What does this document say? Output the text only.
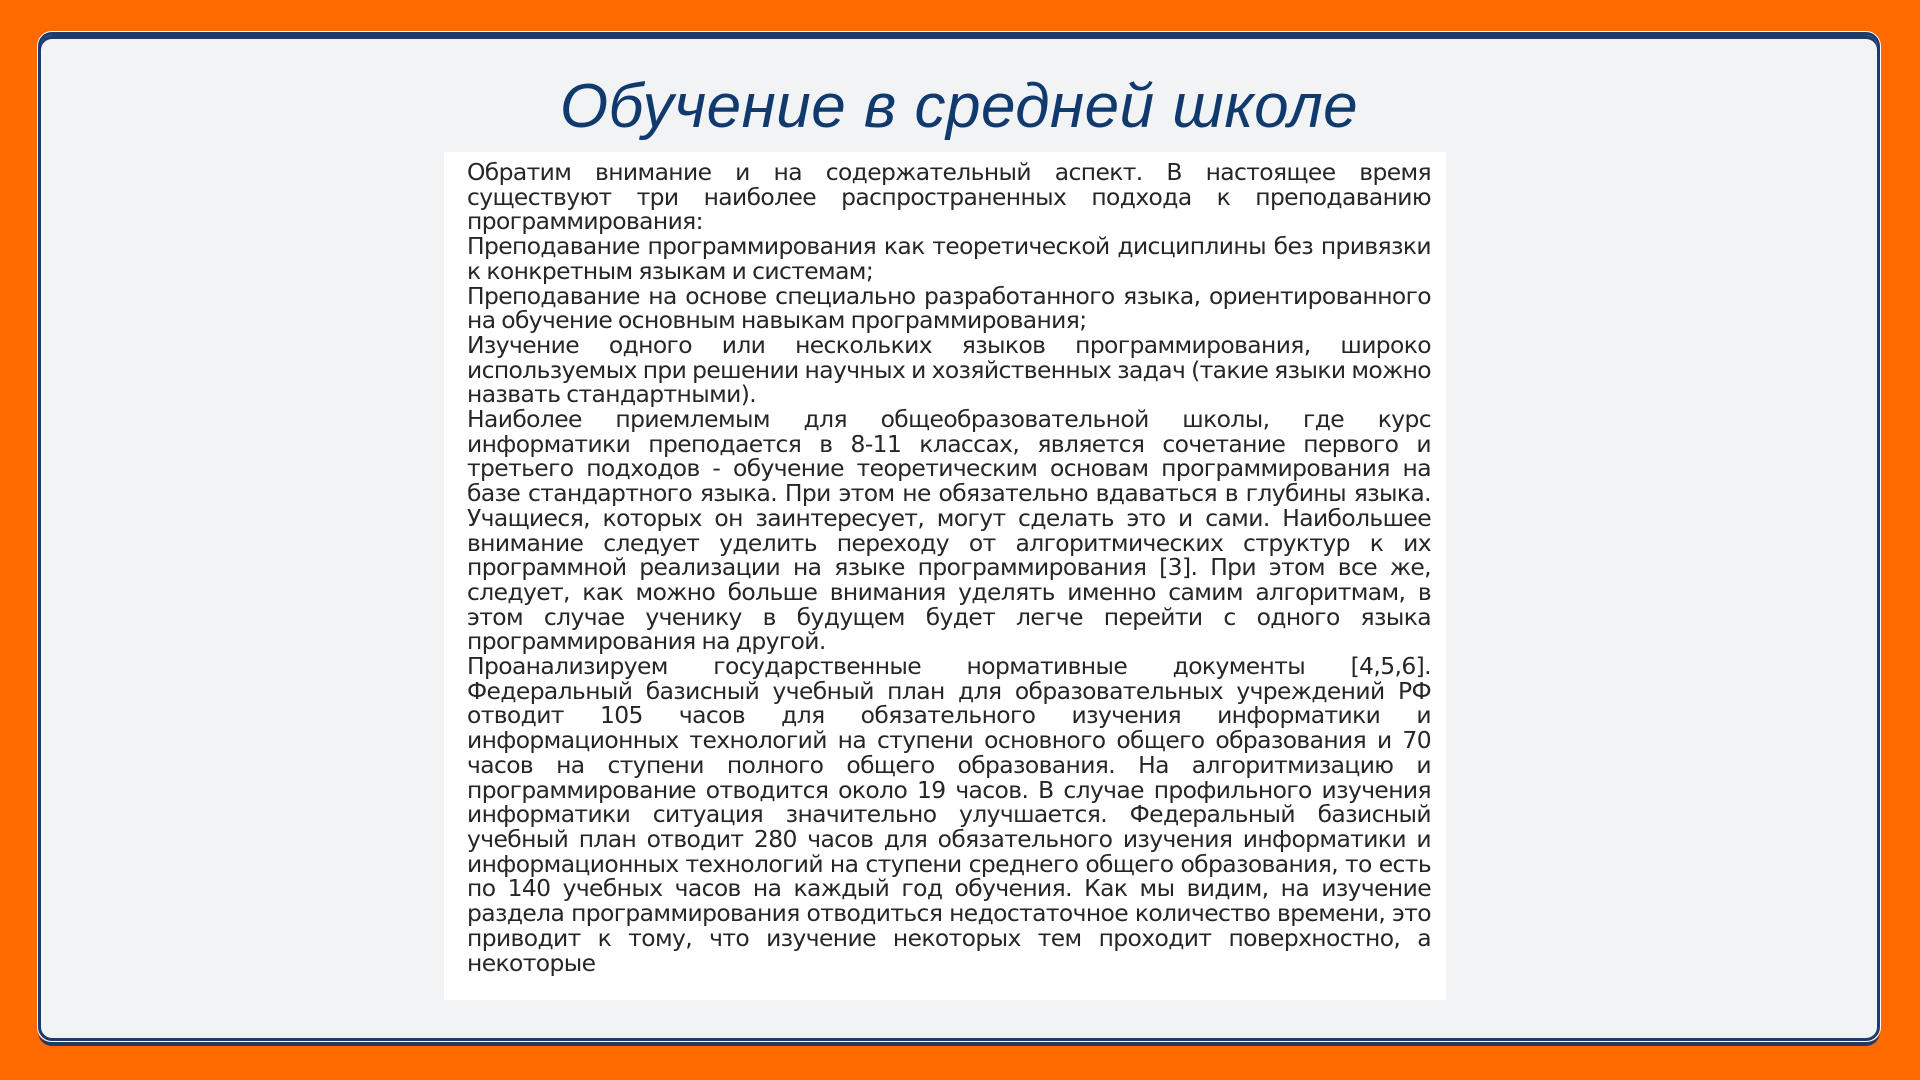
Обучение в средней школе

Обратим внимание и на содержательный аспект. В настоящее время существуют три наиболее распространенных подхода к преподаванию программирования:

Преподавание программирования как теоретической дисциплины без привязки к конкретным языкам и системам;

Преподавание на основе специально разработанного языка, ориентированного на обучение основным навыкам программирования;

Изучение одного или нескольких языков программирования, широко используемых при решении научных и хозяйственных задач (такие языки можно назвать стандартными).

Наиболее приемлемым для общеобразовательной школы, где курс информатики преподается в 8-11 классах, является сочетание первого и третьего подходов - обучение теоретическим основам программирования на базе стандартного языка. При этом не обязательно вдаваться в глубины языка. Учащиеся, которых он заинтересует, могут сделать это и сами. Наибольшее внимание следует уделить переходу от алгоритмических структур к их программной реализации на языке программирования [3]. При этом все же, следует, как можно больше внимания уделять именно самим алгоритмам, в этом случае ученику в будущем будет легче перейти с одного языка программирования на другой.

Проанализируем государственные нормативные документы [4,5,6]. Федеральный базисный учебный план для образовательных учреждений РФ отводит 105 часов для обязательного изучения информатики и информационных технологий на ступени основного общего образования и 70 часов на ступени полного общего образования. На алгоритмизацию и программирование отводится около 19 часов. В случае профильного изучения информатики ситуация значительно улучшается. Федеральный базисный учебный план отводит 280 часов для обязательного изучения информатики и информационных технологий на ступени среднего общего образования, то есть по 140 учебных часов на каждый год обучения. Как мы видим, на изучение раздела программирования отводиться недостаточное количество времени, это приводит к тому, что изучение некоторых тем проходит поверхностно, а некоторые
